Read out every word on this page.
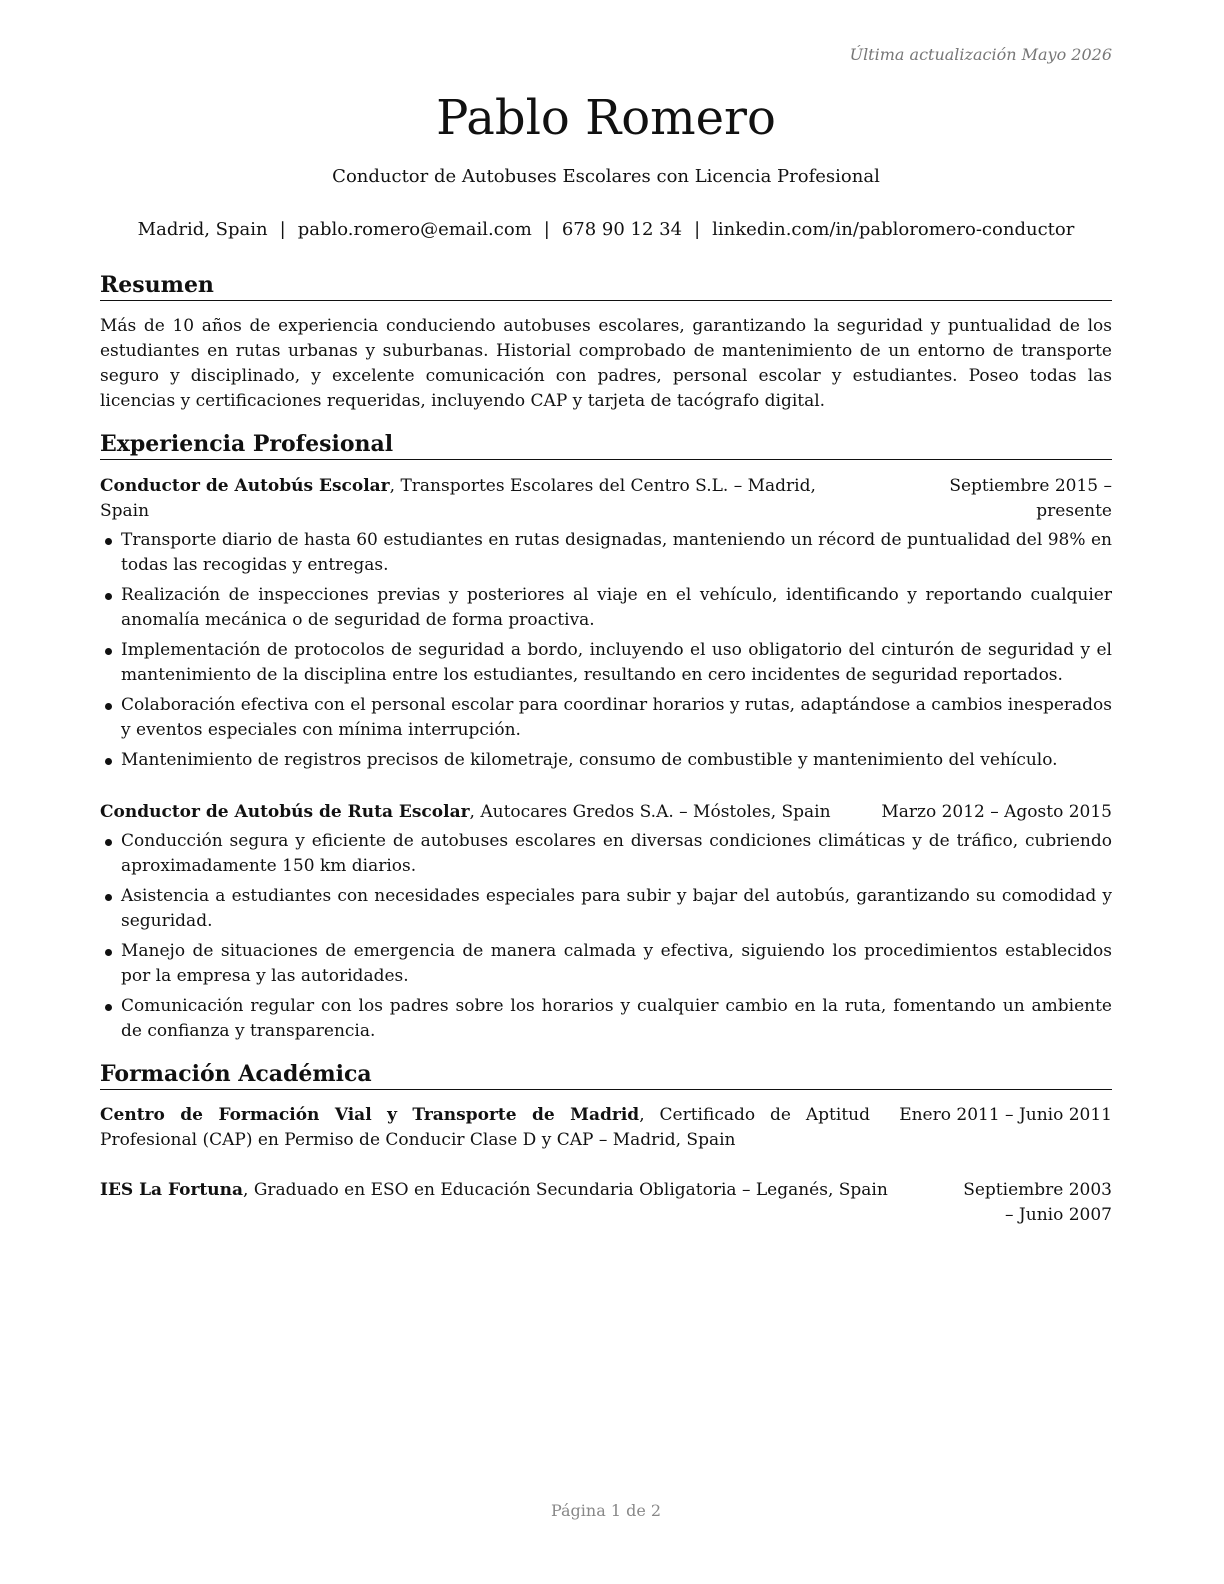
Última actualización Mayo 2026
Pablo Romero
Conductor de Autobuses Escolares con Licencia Profesional
Madrid, Spain | pablo.romero@email.com | 678 90 12 34 | linkedin.com/in/pabloromero-conductor
Resumen

Más de 10 años de experiencia conduciendo autobuses escolares, garantizando la seguridad y puntualidad de los estudiantes en rutas urbanas y suburbanas. Historial comprobado de mantenimiento de un entorno de transporte seguro y disciplinado, y excelente comunicación con padres, personal escolar y estudiantes. Poseo todas las licencias y certificaciones requeridas, incluyendo CAP y tarjeta de tacógrafo digital.

Experiencia Profesional
Conductor de Autobús Escolar, Transportes Escolares del Centro S.L. – Madrid, Spain
Septiembre 2015 – presente
Transporte diario de hasta 60 estudiantes en rutas designadas, manteniendo un récord de puntualidad del 98% en todas las recogidas y entregas.
Realización de inspecciones previas y posteriores al viaje en el vehículo, identificando y reportando cualquier anomalía mecánica o de seguridad de forma proactiva.
Implementación de protocolos de seguridad a bordo, incluyendo el uso obligatorio del cinturón de seguridad y el mantenimiento de la disciplina entre los estudiantes, resultando en cero incidentes de seguridad reportados.
Colaboración efectiva con el personal escolar para coordinar horarios y rutas, adaptándose a cambios inesperados y eventos especiales con mínima interrupción.
Mantenimiento de registros precisos de kilometraje, consumo de combustible y mantenimiento del vehículo.
Conductor de Autobús de Ruta Escolar, Autocares Gredos S.A. – Móstoles, Spain	Marzo 2012 – Agosto 2015
Conducción segura y eficiente de autobuses escolares en diversas condiciones climáticas y de tráfico, cubriendo aproximadamente 150 km diarios.
Asistencia a estudiantes con necesidades especiales para subir y bajar del autobús, garantizando su comodidad y seguridad.
Manejo de situaciones de emergencia de manera calmada y efectiva, siguiendo los procedimientos establecidos por la empresa y las autoridades.
Comunicación regular con los padres sobre los horarios y cualquier cambio en la ruta, fomentando un ambiente de confianza y transparencia.
Formación Académica
Centro de Formación Vial y Transporte de Madrid, Certificado de Aptitud Profesional (CAP) en Permiso de Conducir Clase D y CAP – Madrid, Spain
Enero 2011 – Junio 2011
IES La Fortuna, Graduado en ESO en Educación Secundaria Obligatoria – Leganés, Spain	Septiembre 2003 – Junio 2007
Página 1 de 2
